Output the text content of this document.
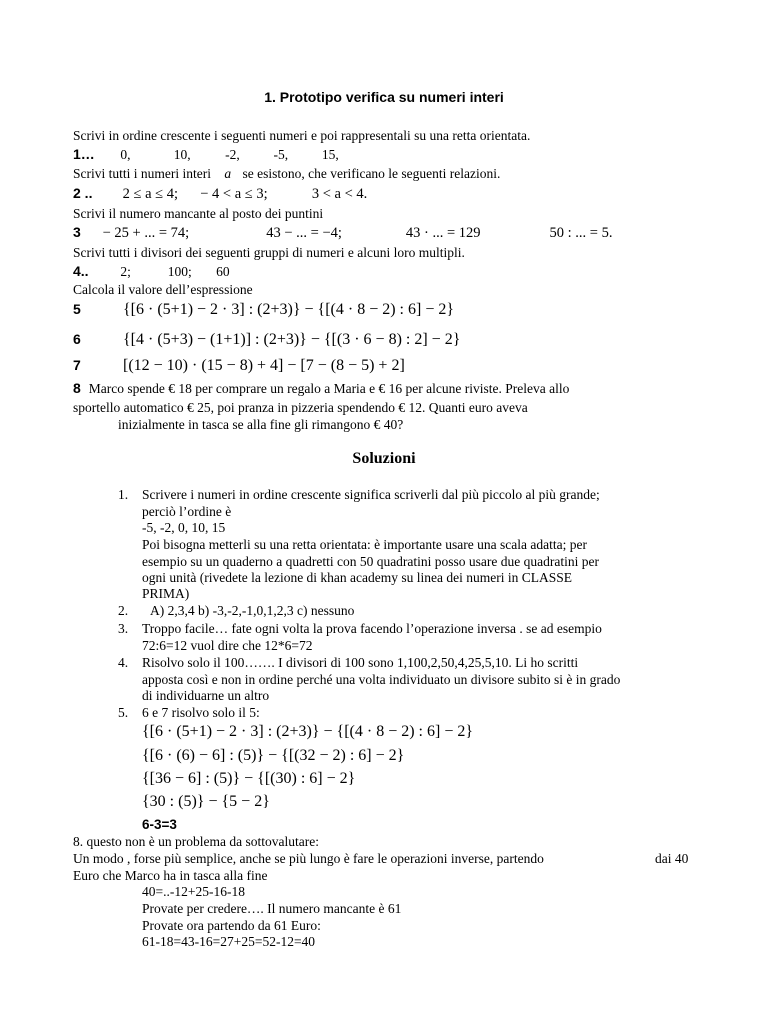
1. Prototipo verifica su numeri interi
Scrivi in ordine crescente i seguenti numeri e poi rappresentali su una retta orientata.
1… 0,	10,	-2,	-5,	15,
Scrivi tutti i numeri interi a se esistono, che verificano le seguenti relazioni.
2 .. 2 ≤ a ≤ 4; − 4 < a ≤ 3;	3 < a < 4.
Scrivi il numero mancante al posto dei puntini
3 − 25 + ... = 74;	43 − ... = −4;	43 · ... = 129	50 : ... = 5.
Scrivi tutti i divisori dei seguenti gruppi di numeri e alcuni loro multipli.
4.. 2;	100; 60
Calcola il valore dell’espressione
5	{[6 · (5+1) − 2 · 3] : (2+3)} − {[(4 · 8 − 2) : 6] − 2}
6	{[4 · (5+3) − (1+1)] : (2+3)} − {[(3 · 6 − 8) : 2] − 2}
7	[(12 − 10) · (15 − 8) + 4] − [7 − (8 − 5) + 2]
8 Marco spende € 18 per comprare un regalo a Maria e € 16 per alcune riviste. Preleva allo
sportello automatico € 25, poi pranza in pizzeria spendendo € 12. Quanti euro aveva
inizialmente in tasca se alla fine gli rimangono € 40?
Soluzioni
1. Scrivere i numeri in ordine crescente significa scriverli dal più piccolo al più grande;
perciò l’ordine è
-5, -2, 0, 10, 15
Poi bisogna metterli su una retta orientata: è importante usare una scala adatta; per
esempio su un quaderno a quadretti con 50 quadratini posso usare due quadratini per
ogni unità (rivedete la lezione di khan academy su linea dei numeri in CLASSE
PRIMA)
2. A) 2,3,4 b) -3,-2,-1,0,1,2,3 c) nessuno
3. Troppo facile… fate ogni volta la prova facendo l’operazione inversa . se ad esempio
72:6=12 vuol dire che 12*6=72
4. Risolvo solo il 100……. I divisori di 100 sono 1,100,2,50,4,25,5,10. Li ho scritti
apposta così e non in ordine perché una volta individuato un divisore subito si è in grado
di individuarne un altro
5. 6 e 7 risolvo solo il 5:
{[6 · (5+1) − 2 · 3] : (2+3)} − {[(4 · 8 − 2) : 6] − 2}
{[6 · (6) − 6] : (5)} − {[(32 − 2) : 6] − 2}
{[36 − 6] : (5)} − {[(30) : 6] − 2}
{30 : (5)} − {5 − 2}
6-3=3
8. questo non è un problema da sottovalutare:
Un modo , forse più semplice, anche se più lungo è fare le operazioni inverse, partendo	dai 40
Euro che Marco ha in tasca alla fine
40=..-12+25-16-18
Provate per credere…. Il numero mancante è 61
Provate ora partendo da 61 Euro:
61-18=43-16=27+25=52-12=40
